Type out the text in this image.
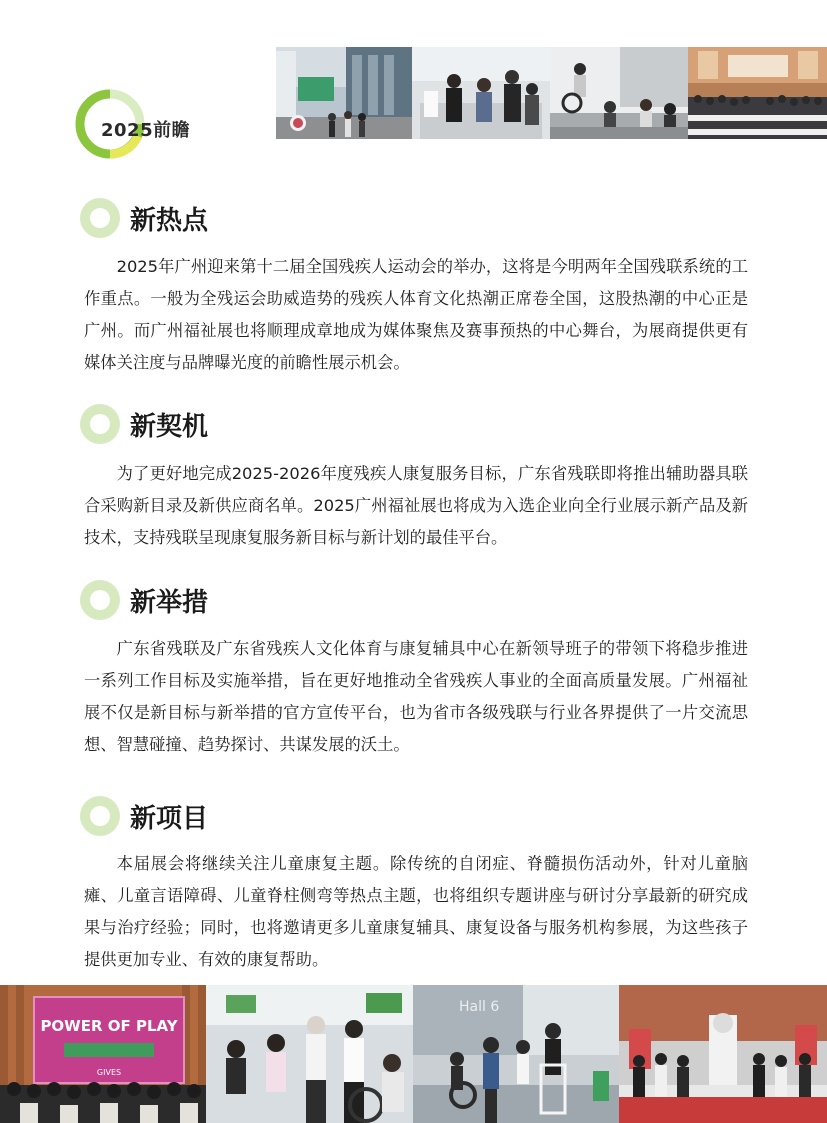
2025前瞻
新热点

2025年广州迎来第十二届全国残疾人运动会的举办，这将是今明两年全国残联系统的工作重点。一般为全残运会助威造势的残疾人体育文化热潮正席卷全国，这股热潮的中心正是广州。而广州福祉展也将顺理成章地成为媒体聚焦及赛事预热的中心舞台，为展商提供更有媒体关注度与品牌曝光度的前瞻性展示机会。

新契机

为了更好地完成2025-2026年度残疾人康复服务目标，广东省残联即将推出辅助器具联合采购新目录及新供应商名单。2025广州福祉展也将成为入选企业向全行业展示新产品及新技术，支持残联呈现康复服务新目标与新计划的最佳平台。

新举措

广东省残联及广东省残疾人文化体育与康复辅具中心在新领导班子的带领下将稳步推进一系列工作目标及实施举措，旨在更好地推动全省残疾人事业的全面高质量发展。广州福祉展不仅是新目标与新举措的官方宣传平台，也为省市各级残联与行业各界提供了一片交流思想、智慧碰撞、趋势探讨、共谋发展的沃土。

新项目

本届展会将继续关注儿童康复主题。除传统的自闭症、脊髓损伤活动外，针对儿童脑瘫、儿童言语障碍、儿童脊柱侧弯等热点主题，也将组织专题讲座与研讨分享最新的研究成果与治疗经验；同时，也将邀请更多儿童康复辅具、康复设备与服务机构参展，为这些孩子提供更加专业、有效的康复帮助。

POWER OF PLAY
GIVES
Hall 6
